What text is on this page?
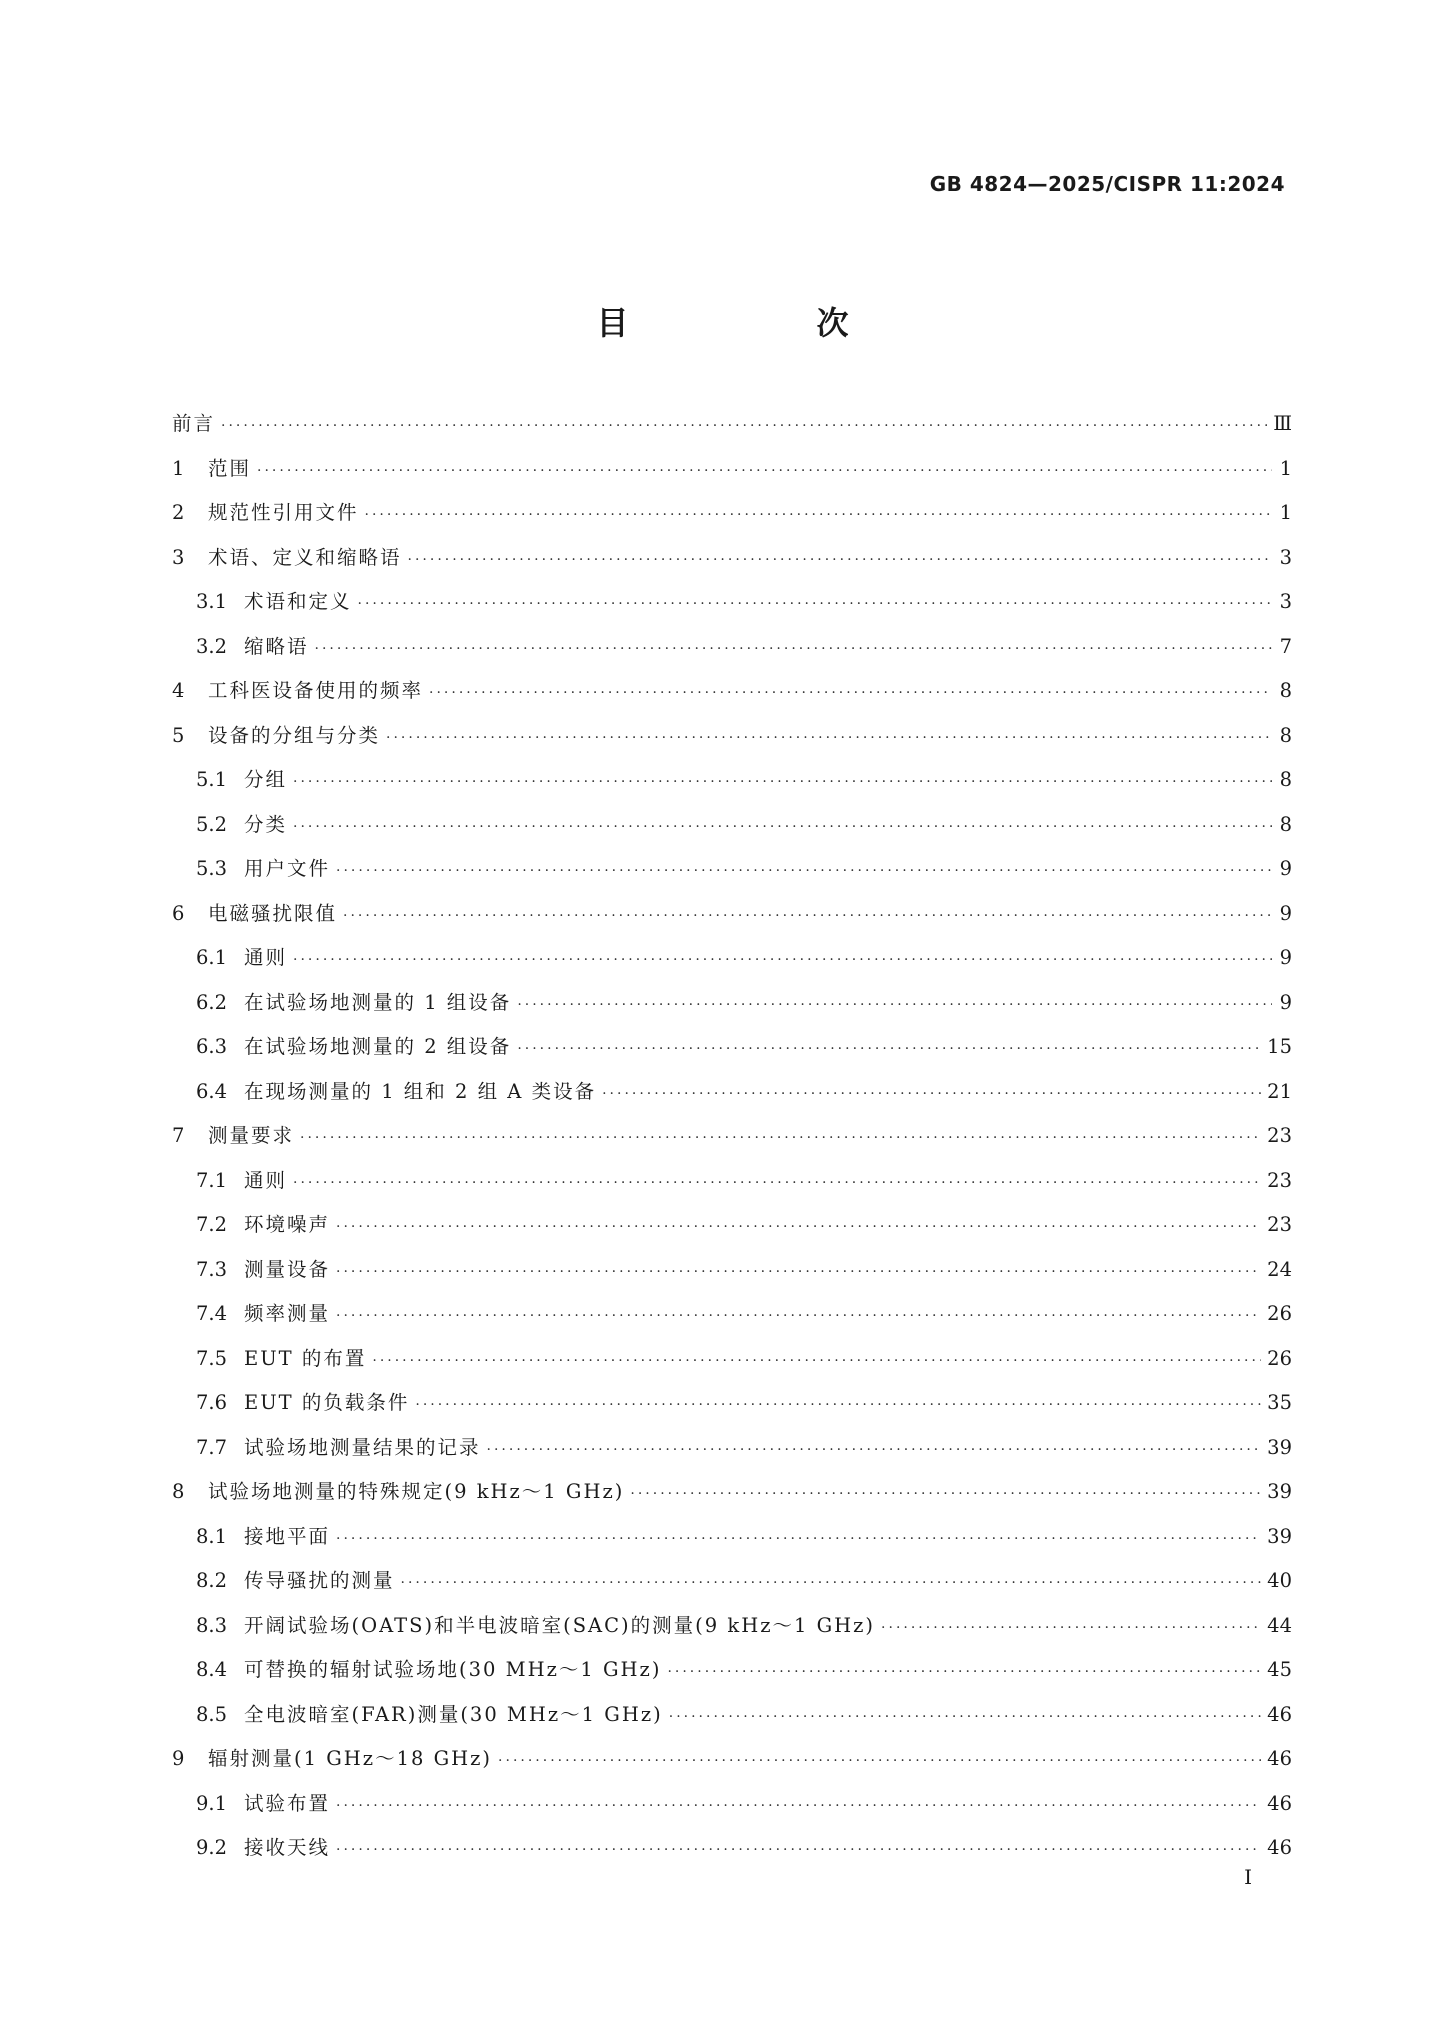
GB 4824—2025/CISPR 11:2024
目　次
前言 ·····	Ⅲ
1	范围 ·····	1
2	规范性引用文件 ·····	1
3	术语、定义和缩略语 ·····	3
3.1 术语和定义 ·····	3
3.2 缩略语 ·····	7
4	工科医设备使用的频率 ·····	8
5	设备的分组与分类 ·····	8
5.1 分组 ·····	8
5.2 分类 ·····	8
5.3 用户文件 ·····	9
6	电磁骚扰限值 ·····	9
6.1 通则 ·····	9
6.2 在试验场地测量的 1 组设备 ·····	9
6.3 在试验场地测量的 2 组设备 ·····	15
6.4 在现场测量的 1 组和 2 组 A 类设备 ·····	21
7	测量要求 ·····	23
7.1 通则 ·····	23
7.2 环境噪声 ·····	23
7.3 测量设备 ·····	24
7.4 频率测量 ·····	26
7.5 EUT 的布置 ·····	26
7.6 EUT 的负载条件 ·····	35
7.7 试验场地测量结果的记录 ·····	39
8	试验场地测量的特殊规定(9 kHz～1 GHz) ·····	39
8.1 接地平面 ·····	39
8.2 传导骚扰的测量 ·····	40
8.3 开阔试验场(OATS)和半电波暗室(SAC)的测量(9 kHz～1 GHz) ·····	44
8.4 可替换的辐射试验场地(30 MHz～1 GHz) ·····	45
8.5 全电波暗室(FAR)测量(30 MHz～1 GHz) ·····	46
9	辐射测量(1 GHz～18 GHz) ·····	46
9.1 试验布置 ·····	46
9.2 接收天线 ·····	46
I
